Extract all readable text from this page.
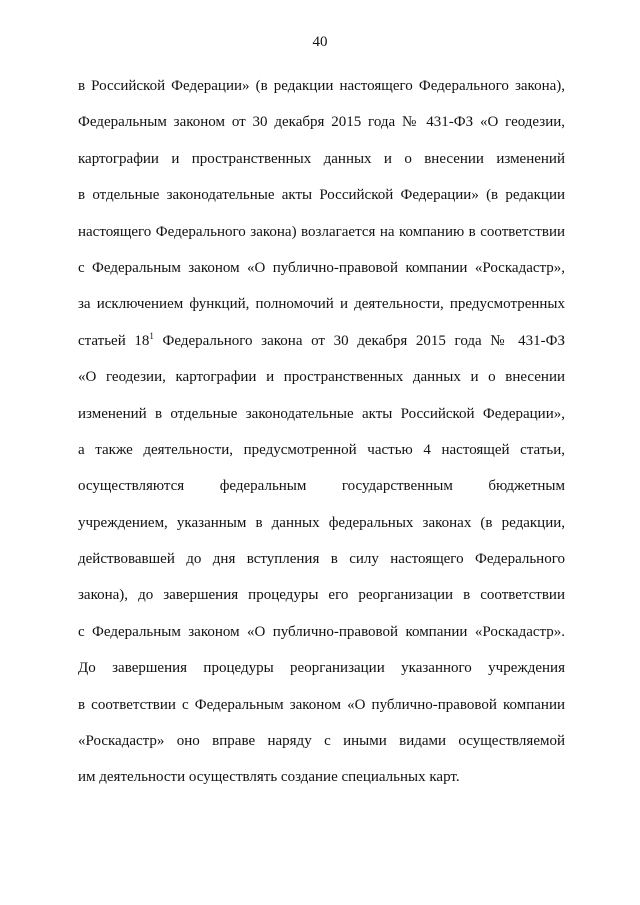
40
в Российской Федерации» (в редакции настоящего Федерального закона),
Федеральным законом от 30 декабря 2015 года № 431-ФЗ «О геодезии,
картографии и пространственных данных и о внесении изменений
в отдельные законодательные акты Российской Федерации» (в редакции
настоящего Федерального закона) возлагается на компанию в соответствии
с Федеральным законом «О публично-правовой компании «Роскадастр»,
за исключением функций, полномочий и деятельности, предусмотренных
статьей $18^1$ Федерального закона от 30 декабря 2015 года № 431-ФЗ
«О геодезии, картографии и пространственных данных и о внесении
изменений в отдельные законодательные акты Российской Федерации»,
а также деятельности, предусмотренной частью 4 настоящей статьи,
осуществляются федеральным государственным бюджетным
учреждением, указанным в данных федеральных законах (в редакции,
действовавшей до дня вступления в силу настоящего Федерального
закона), до завершения процедуры его реорганизации в соответствии
с Федеральным законом «О публично-правовой компании «Роскадастр».
До завершения процедуры реорганизации указанного учреждения
в соответствии с Федеральным законом «О публично-правовой компании
«Роскадастр» оно вправе наряду с иными видами осуществляемой
им деятельности осуществлять создание специальных карт.
